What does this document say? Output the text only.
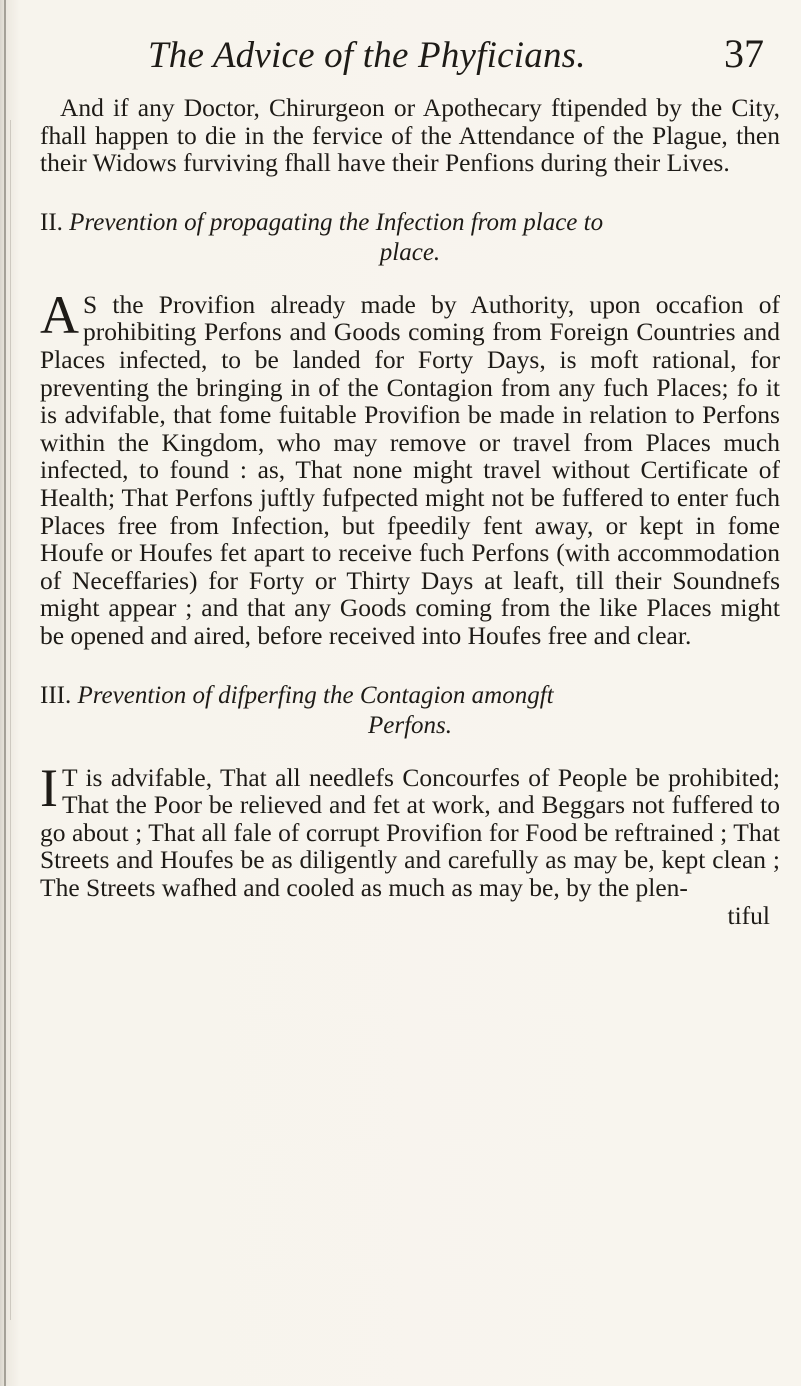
The Advice of the Phyficians.	37

And if any Doctor, Chirurgeon or Apothecary ftipended by the City, fhall happen to die in the fervice of the Attendance of the Plague, then their Widows furviving fhall have their Penfions during their Lives.

II. Prevention of propagating the Infection from place to
place.

A S the Provifion already made by Authority, upon occafion of prohibiting Perfons and Goods coming from Foreign Countries and Places infected, to be landed for Forty Days, is moft rational, for preventing the bringing in of the Contagion from any fuch Places; fo it is advifable, that fome fuitable Provifion be made in relation to Perfons within the Kingdom, who may remove or travel from Places much infected, to found : as, That none might travel without Certificate of Health; That Perfons juftly fufpected might not be fuffered to enter fuch Places free from Infection, but fpeedily fent away, or kept in fome Houfe or Houfes fet apart to receive fuch Perfons (with accommodation of Neceffaries) for Forty or Thirty Days at leaft, till their Soundnefs might appear ; and that any Goods coming from the like Places might be opened and aired, before received into Houfes free and clear.

III. Prevention of difperfing the Contagion amongft
Perfons.

I T is advifable, That all needlefs Concourfes of People be prohibited; That the Poor be relieved and fet at work, and Beggars not fuffered to go about ; That all fale of corrupt Provifion for Food be reftrained ; That Streets and Houfes be as diligently and carefully as may be, kept clean ; The Streets wafhed and cooled as much as may be, by the plen-

tiful
